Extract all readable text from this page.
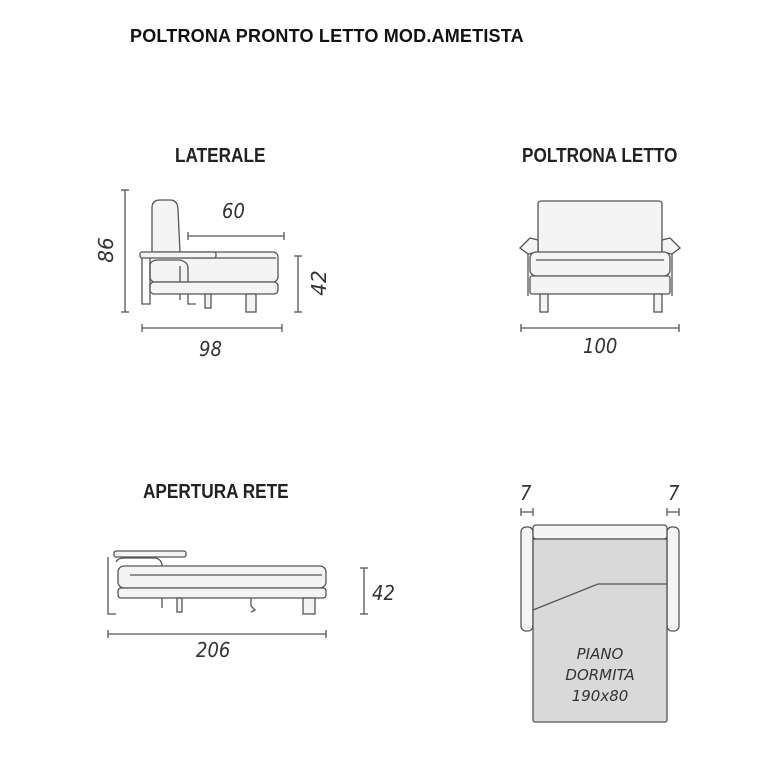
POLTRONA PRONTO LETTO MOD.AMETISTA
LATERALE
60
86
42
98
POLTRONA LETTO
100
APERTURA RETE
42
206
7	7
PIANO
DORMITA
190x80
